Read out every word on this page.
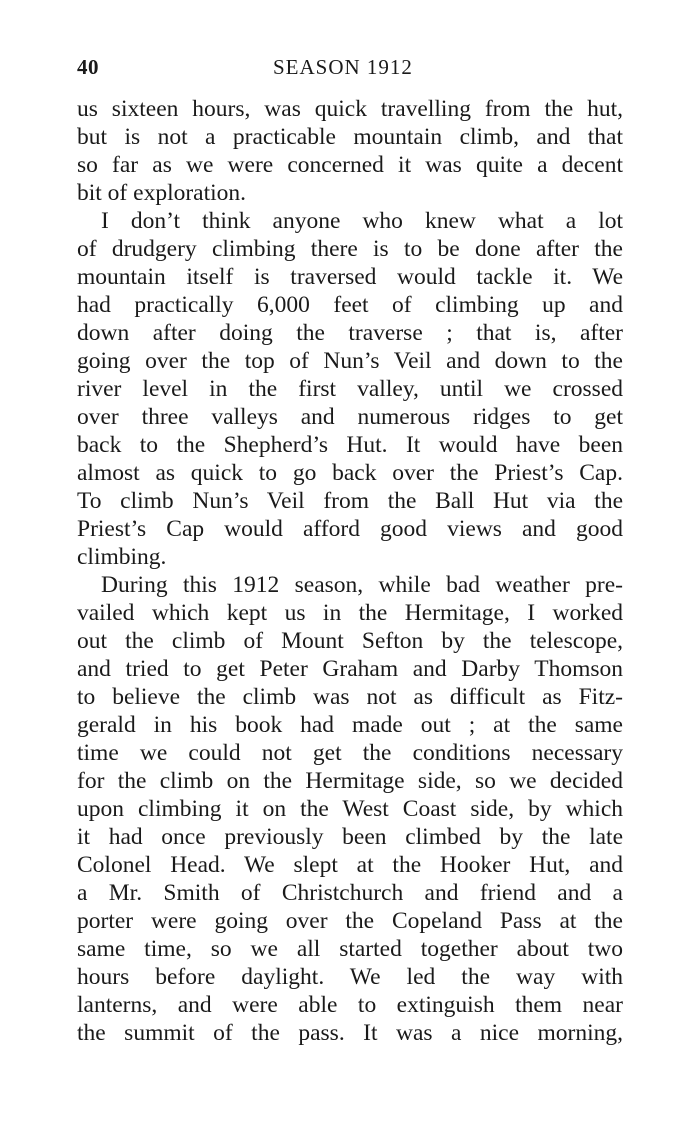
40	SEASON 1912
us sixteen hours, was quick travelling from the hut,
but is not a practicable mountain climb, and that
so far as we were concerned it was quite a decent
bit of exploration.
I don’t think anyone who knew what a lot
of drudgery climbing there is to be done after the
mountain itself is traversed would tackle it. We
had practically 6,000 feet of climbing up and
down after doing the traverse ; that is, after
going over the top of Nun’s Veil and down to the
river level in the first valley, until we crossed
over three valleys and numerous ridges to get
back to the Shepherd’s Hut. It would have been
almost as quick to go back over the Priest’s Cap.
To climb Nun’s Veil from the Ball Hut via the
Priest’s Cap would afford good views and good
climbing.
During this 1912 season, while bad weather pre-
vailed which kept us in the Hermitage, I worked
out the climb of Mount Sefton by the telescope,
and tried to get Peter Graham and Darby Thomson
to believe the climb was not as difficult as Fitz-
gerald in his book had made out ; at the same
time we could not get the conditions necessary
for the climb on the Hermitage side, so we decided
upon climbing it on the West Coast side, by which
it had once previously been climbed by the late
Colonel Head. We slept at the Hooker Hut, and
a Mr. Smith of Christchurch and friend and a
porter were going over the Copeland Pass at the
same time, so we all started together about two
hours before daylight. We led the way with
lanterns, and were able to extinguish them near
the summit of the pass. It was a nice morning,
